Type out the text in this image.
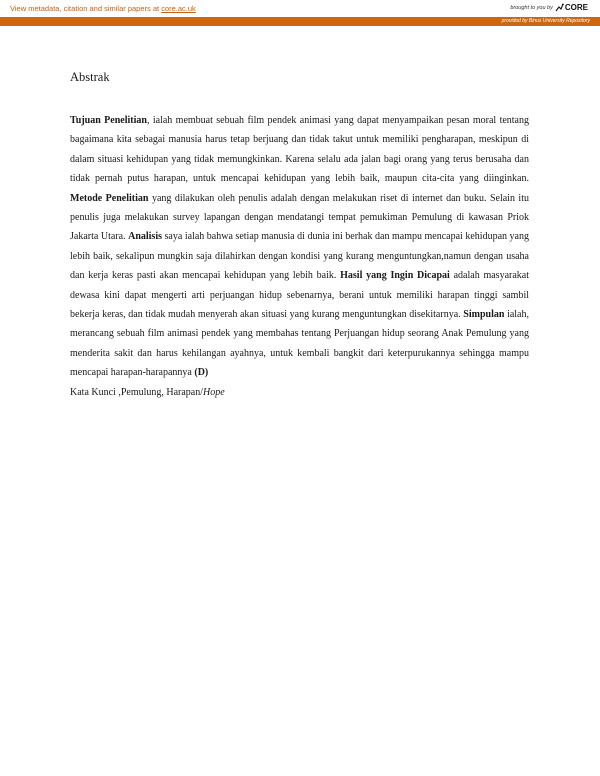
View metadata, citation and similar papers at core.ac.uk	brought to you by CORE
provided by Binus University Repository
Abstrak

Tujuan Penelitian, ialah membuat sebuah film pendek animasi yang dapat menyampaikan pesan moral tentang bagaimana kita sebagai manusia harus tetap berjuang dan tidak takut untuk memiliki pengharapan, meskipun di dalam situasi kehidupan yang tidak memungkinkan. Karena selalu ada jalan bagi orang yang terus berusaha dan tidak pernah putus harapan, untuk mencapai kehidupan yang lebih baik, maupun cita-cita yang diinginkan. Metode Penelitian yang dilakukan oleh penulis adalah dengan melakukan riset di internet dan buku. Selain itu penulis juga melakukan survey lapangan dengan mendatangi tempat pemukiman Pemulung di kawasan Priok Jakarta Utara. Analisis saya ialah bahwa setiap manusia di dunia ini berhak dan mampu mencapai kehidupan yang lebih baik, sekalipun mungkin saja dilahirkan dengan kondisi yang kurang menguntungkan,namun dengan usaha dan kerja keras pasti akan mencapai kehidupan yang lebih baik. Hasil yang Ingin Dicapai adalah masyarakat dewasa kini dapat mengerti arti perjuangan hidup sebenarnya, berani untuk memiliki harapan tinggi sambil bekerja keras, dan tidak mudah menyerah akan situasi yang kurang menguntungkan disekitarnya. Simpulan ialah, merancang sebuah film animasi pendek yang membahas tentang Perjuangan hidup seorang Anak Pemulung yang menderita sakit dan harus kehilangan ayahnya, untuk kembali bangkit dari keterpurukannya sehingga mampu mencapai harapan-harapannya (D)

Kata Kunci ,Pemulung, Harapan/Hope
